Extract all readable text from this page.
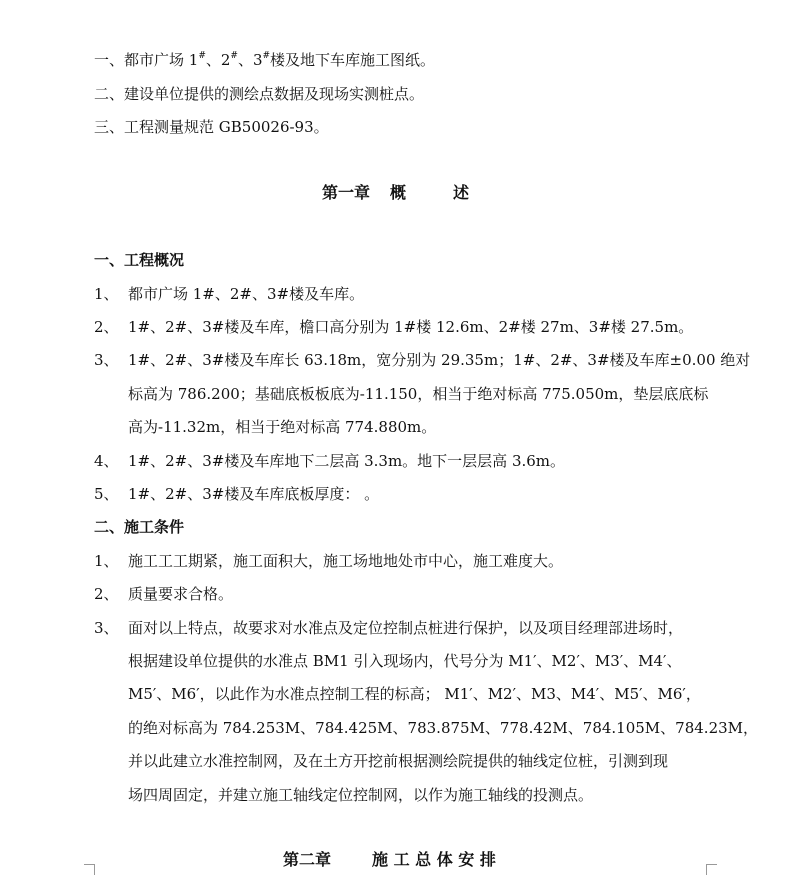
一、都市广场 1#、2#、3#楼及地下车库施工图纸。
二、建设单位提供的测绘点数据及现场实测桩点。
三、工程测量规范 GB50026-93。
第一章 概	述
一、工程概况
1、 都市广场 1#、2#、3#楼及车库。
2、 1#、2#、3#楼及车库，檐口高分别为 1#楼 12.6m、2#楼 27m、3#楼 27.5m。
3、 1#、2#、3#楼及车库长 63.18m，宽分别为 29.35m；1#、2#、3#楼及车库±0.00 绝对
标高为 786.200；基础底板板底为-11.150，相当于绝对标高 775.050m，垫层底底标
高为-11.32m，相当于绝对标高 774.880m。
4、 1#、2#、3#楼及车库地下二层高 3.3m。地下一层层高 3.6m。
5、 1#、2#、3#楼及车库底板厚度： 。
二、施工条件
1、 施工工工期紧，施工面积大，施工场地地处市中心，施工难度大。
2、 质量要求合格。
3、 面对以上特点，故要求对水准点及定位控制点桩进行保护，以及项目经理部进场时，
根据建设单位提供的水准点 BM1 引入现场内，代号分为 M1′、M2′、M3′、M4′、
M5′、M6′，以此作为水准点控制工程的标高； M1′、M2′、M3、M4′、M5′、M6′，
的绝对标高为 784.253M、784.425M、783.875M、778.42M、784.105M、784.23M，
并以此建立水准控制网，及在土方开挖前根据测绘院提供的轴线定位桩，引测到现
场四周固定，并建立施工轴线定位控制网，以作为施工轴线的投测点。
第二章	施 工 总 体 安 排
